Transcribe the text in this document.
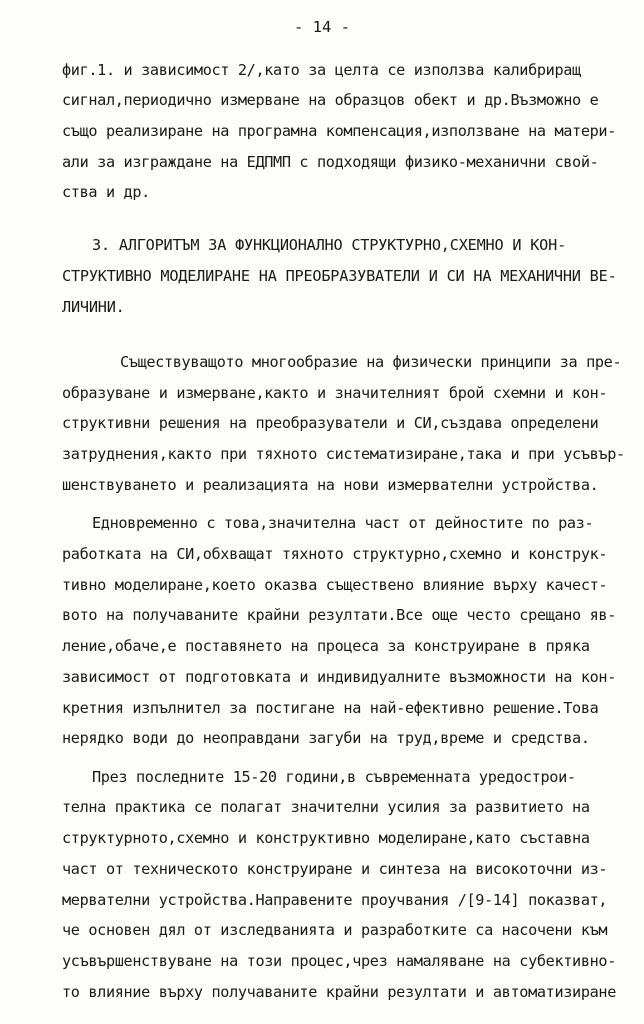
- 14 -
фиг.1. и зависимост 2/,като за целта се използва калибриращ
сигнал,периодично измерване на образцов обект и др.Възможно е
също реализиране на програмна компенсация,използване на матери-
али за изграждане на ЕДПМП с подходящи физико-механични свой-
ства и др.
3. АЛГОРИТЪМ ЗА ФУНКЦИОНАЛНО СТРУКТУРНО,СХЕМНО И КОН-
СТРУКТИВНО МОДЕЛИРАНЕ НА ПРЕОБРАЗУВАТЕЛИ И СИ НА МЕХАНИЧНИ ВЕ-
ЛИЧИНИ.
Съществуващото многообразие на физически принципи за пре-
образуване и измерване,както и значителният брой схемни и кон-
структивни решения на преобразуватели и СИ,създава определени
затруднения,както при тяхното систематизиране,така и при усъвър-
шенствуването и реализацията на нови измервателни устройства.
Едновременно с това,значителна част от дейностите по раз-
работката на СИ,обхващат тяхното структурно,схемно и конструк-
тивно моделиране,което оказва съществено влияние върху качест-
вото на получаваните крайни резултати.Все още често срещано яв-
ление,обаче,е поставянето на процеса за конструиране в пряка
зависимост от подготовката и индивидуалните възможности на кон-
кретния изпълнител за постигане на най-ефективно решение.Това
нерядко води до неоправдани загуби на труд,време и средства.
През последните 15-20 години,в съвременната уредострои-
телна практика се полагат значителни усилия за развитието на
структурното,схемно и конструктивно моделиране,като съставна
част от техническото конструиране и синтеза на високоточни из-
мервателни устройства.Направените проучвания /[9-14] показват,
че основен дял от изследванията и разработките са насочени към
усъвършенствуване на този процес,чрез намаляване на субективно-
то влияние върху получаваните крайни резултати и автоматизиране
